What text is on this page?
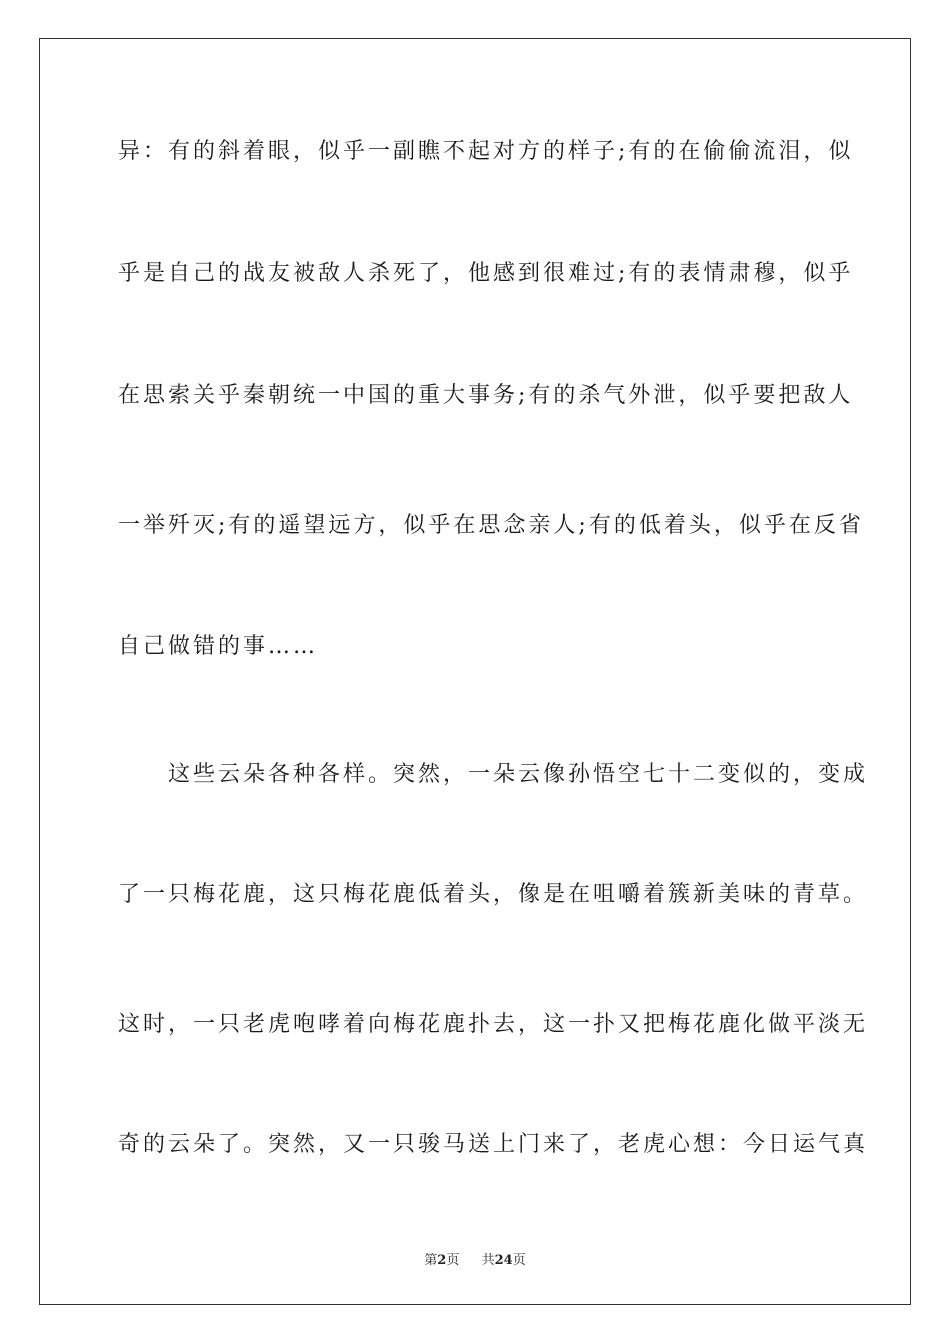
异：有的斜着眼，似乎一副瞧不起对方的样子;有的在偷偷流泪，似
乎是自己的战友被敌人杀死了，他感到很难过;有的表情肃穆，似乎
在思索关乎秦朝统一中国的重大事务;有的杀气外泄，似乎要把敌人
一举歼灭;有的遥望远方，似乎在思念亲人;有的低着头，似乎在反省
自己做错的事……
　　这些云朵各种各样。突然，一朵云像孙悟空七十二变似的，变成
了一只梅花鹿，这只梅花鹿低着头，像是在咀嚼着簇新美味的青草。
这时，一只老虎咆哮着向梅花鹿扑去，这一扑又把梅花鹿化做平淡无
奇的云朵了。突然，又一只骏马送上门来了，老虎心想：今日运气真
第2页 共24页
